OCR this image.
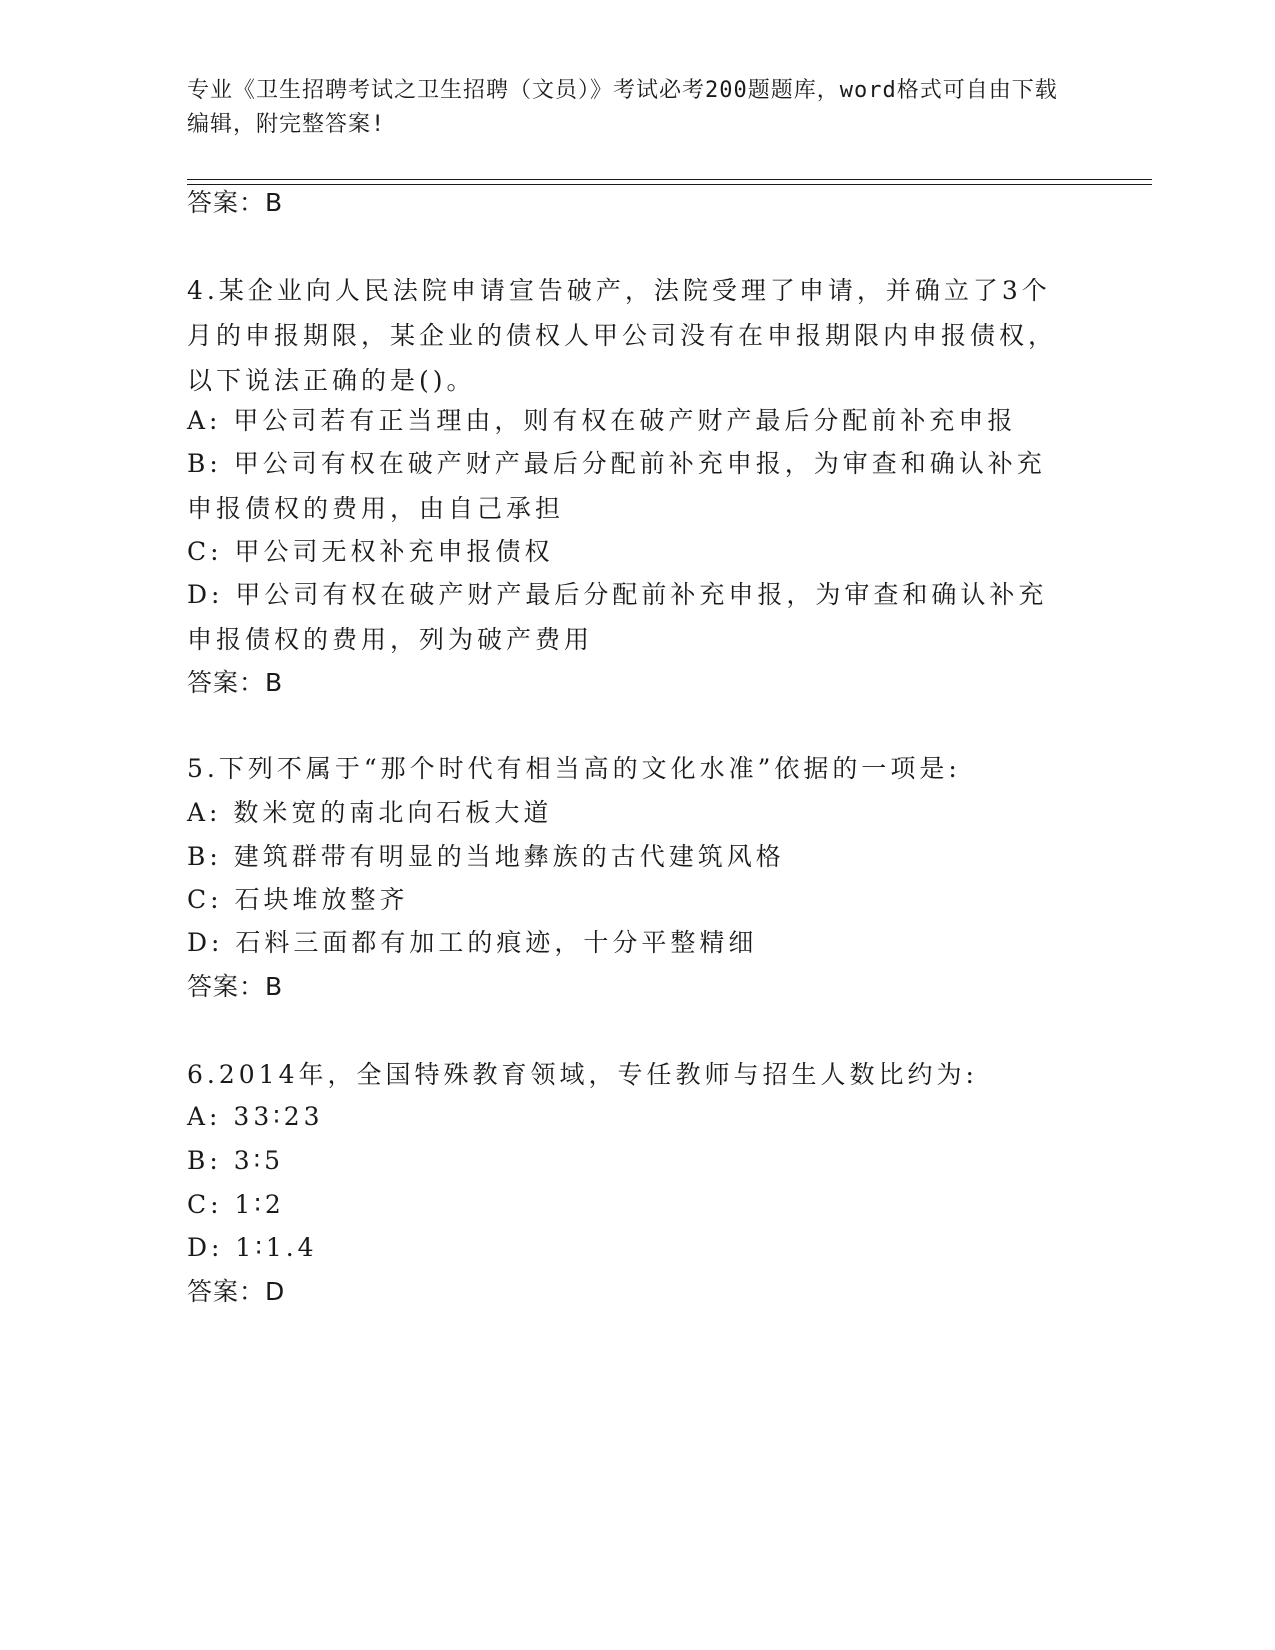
专业《卫生招聘考试之卫生招聘（文员）》考试必考200题题库，word格式可自由下载编辑，附完整答案!

答案：B

4.某企业向人民法院申请宣告破产，法院受理了申请，并确立了3个月的申报期限，某企业的债权人甲公司没有在申报期限内申报债权，以下说法正确的是()。

A: 甲公司若有正当理由，则有权在破产财产最后分配前补充申报

B: 甲公司有权在破产财产最后分配前补充申报，为审查和确认补充申报债权的费用，由自己承担

C: 甲公司无权补充申报债权

D: 甲公司有权在破产财产最后分配前补充申报，为审查和确认补充申报债权的费用，列为破产费用

答案：B

5.下列不属于“那个时代有相当高的文化水准”依据的一项是:

A: 数米宽的南北向石板大道

B: 建筑群带有明显的当地彝族的古代建筑风格

C: 石块堆放整齐

D: 石料三面都有加工的痕迹，十分平整精细

答案：B

6.2014年，全国特殊教育领域，专任教师与招生人数比约为:

A: 33∶23

B: 3∶5

C: 1∶2

D: 1∶1.4

答案：D
